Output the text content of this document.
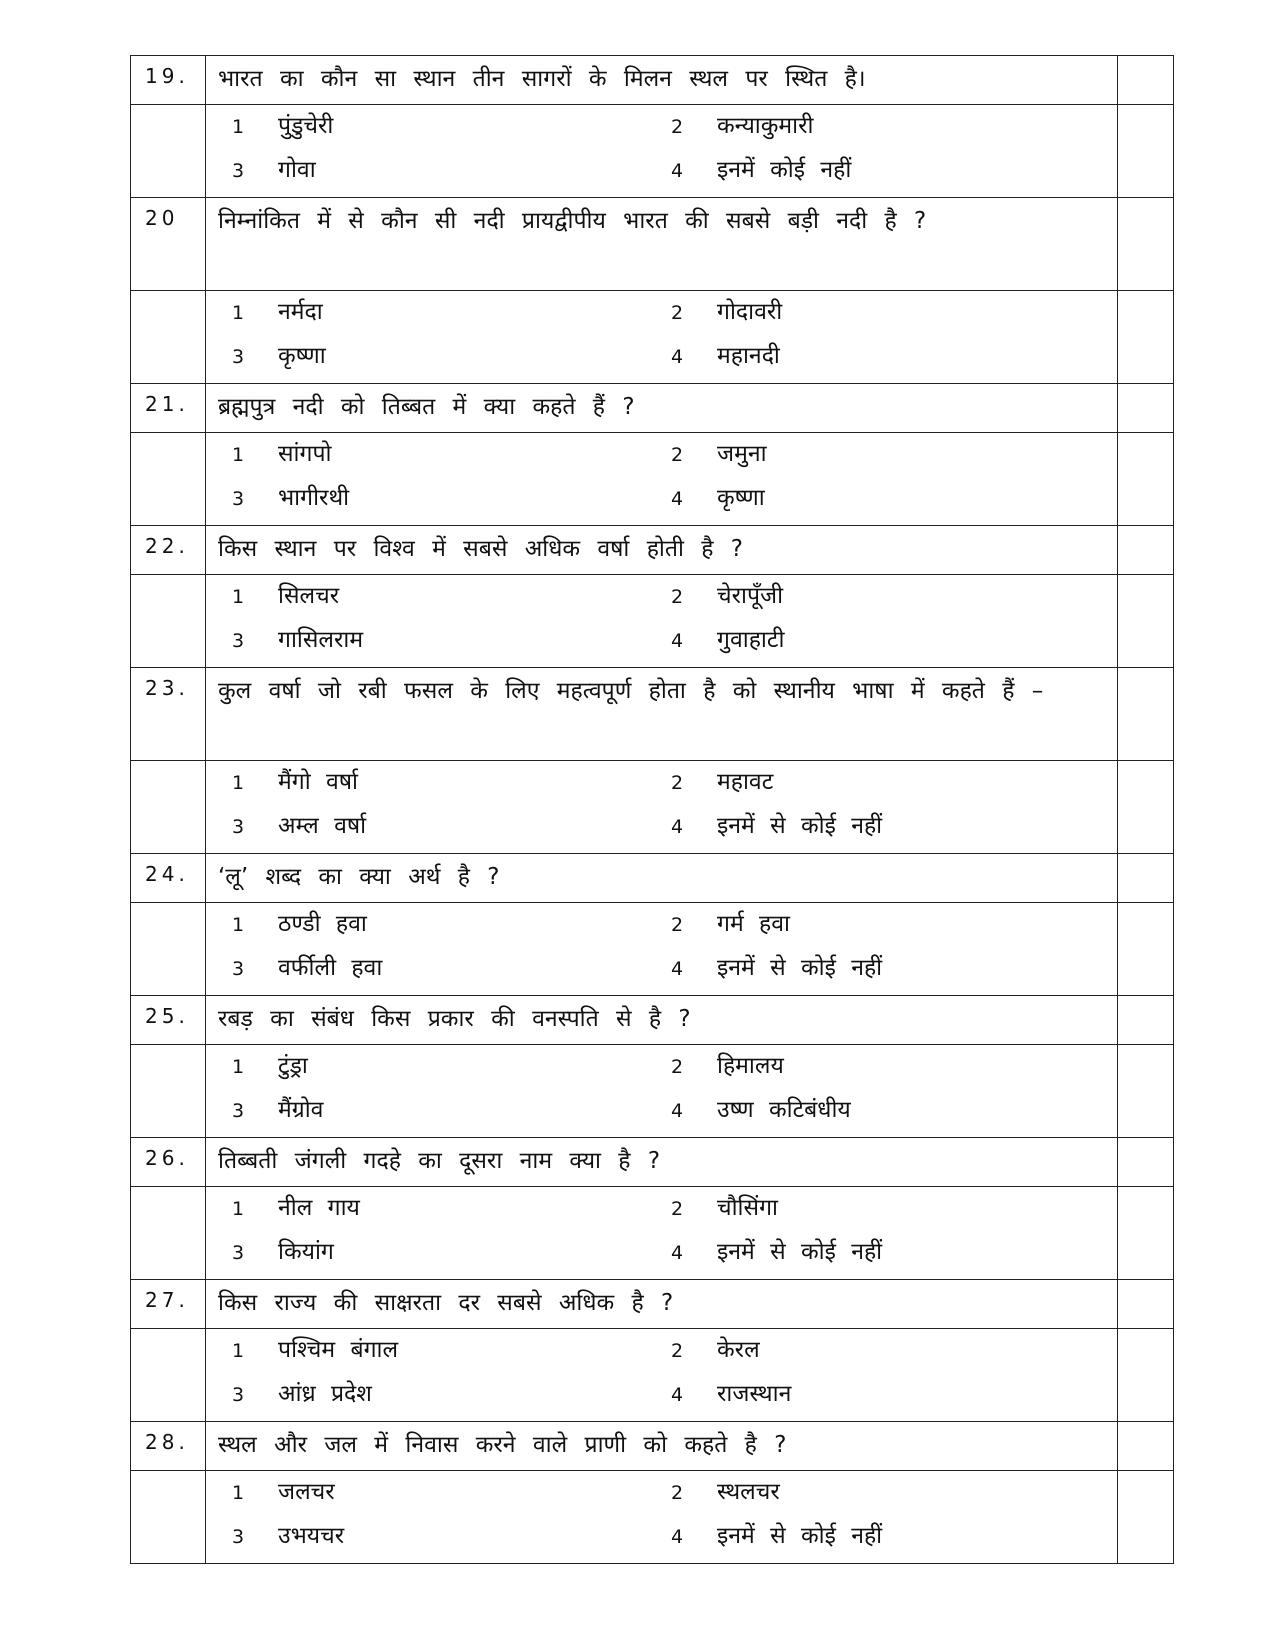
19.	भारत का कौन सा स्थान तीन सागरों के मिलन स्थल पर स्थित है।	

	1 पुंडुचेरी 2 कन्याकुमारी
3 गोवा 4 इनमें कोई नहीं	

20	निम्नांकित में से कौन सी नदी प्रायद्वीपीय भारत की सबसे बड़ी नदी है ?	

	1 नर्मदा 2 गोदावरी
3 कृष्णा 4 महानदी	

21.	ब्रह्मपुत्र नदी को तिब्बत में क्या कहते हैं ?	

	1 सांगपो 2 जमुना
3 भागीरथी 4 कृष्णा	

22.	किस स्थान पर विश्व में सबसे अधिक वर्षा होती है ?	

	1 सिलचर 2 चेरापूँजी
3 गासिलराम 4 गुवाहाटी	

23.	कुल वर्षा जो रबी फसल के लिए महत्वपूर्ण होता है को स्थानीय भाषा में कहते हैं –	

	1 मैंगो वर्षा 2 महावट
3 अम्ल वर्षा 4 इनमें से कोई नहीं	

24.	‘लू’ शब्द का क्या अर्थ है ?	

	1 ठण्डी हवा 2 गर्म हवा
3 वर्फीली हवा 4 इनमें से कोई नहीं	

25.	रबड़ का संबंध किस प्रकार की वनस्पति से है ?	

	1 टुंड्रा 2 हिमालय
3 मैंग्रोव 4 उष्ण कटिबंधीय	

26.	तिब्बती जंगली गदहे का दूसरा नाम क्या है ?	

	1 नील गाय 2 चौसिंगा
3 कियांग 4 इनमें से कोई नहीं	

27.	किस राज्य की साक्षरता दर सबसे अधिक है ?	

	1 पश्चिम बंगाल 2 केरल
3 आंध्र प्रदेश 4 राजस्थान	

28.	स्थल और जल में निवास करने वाले प्राणी को कहते है ?	

	1 जलचर 2 स्थलचर
3 उभयचर 4 इनमें से कोई नहीं	
